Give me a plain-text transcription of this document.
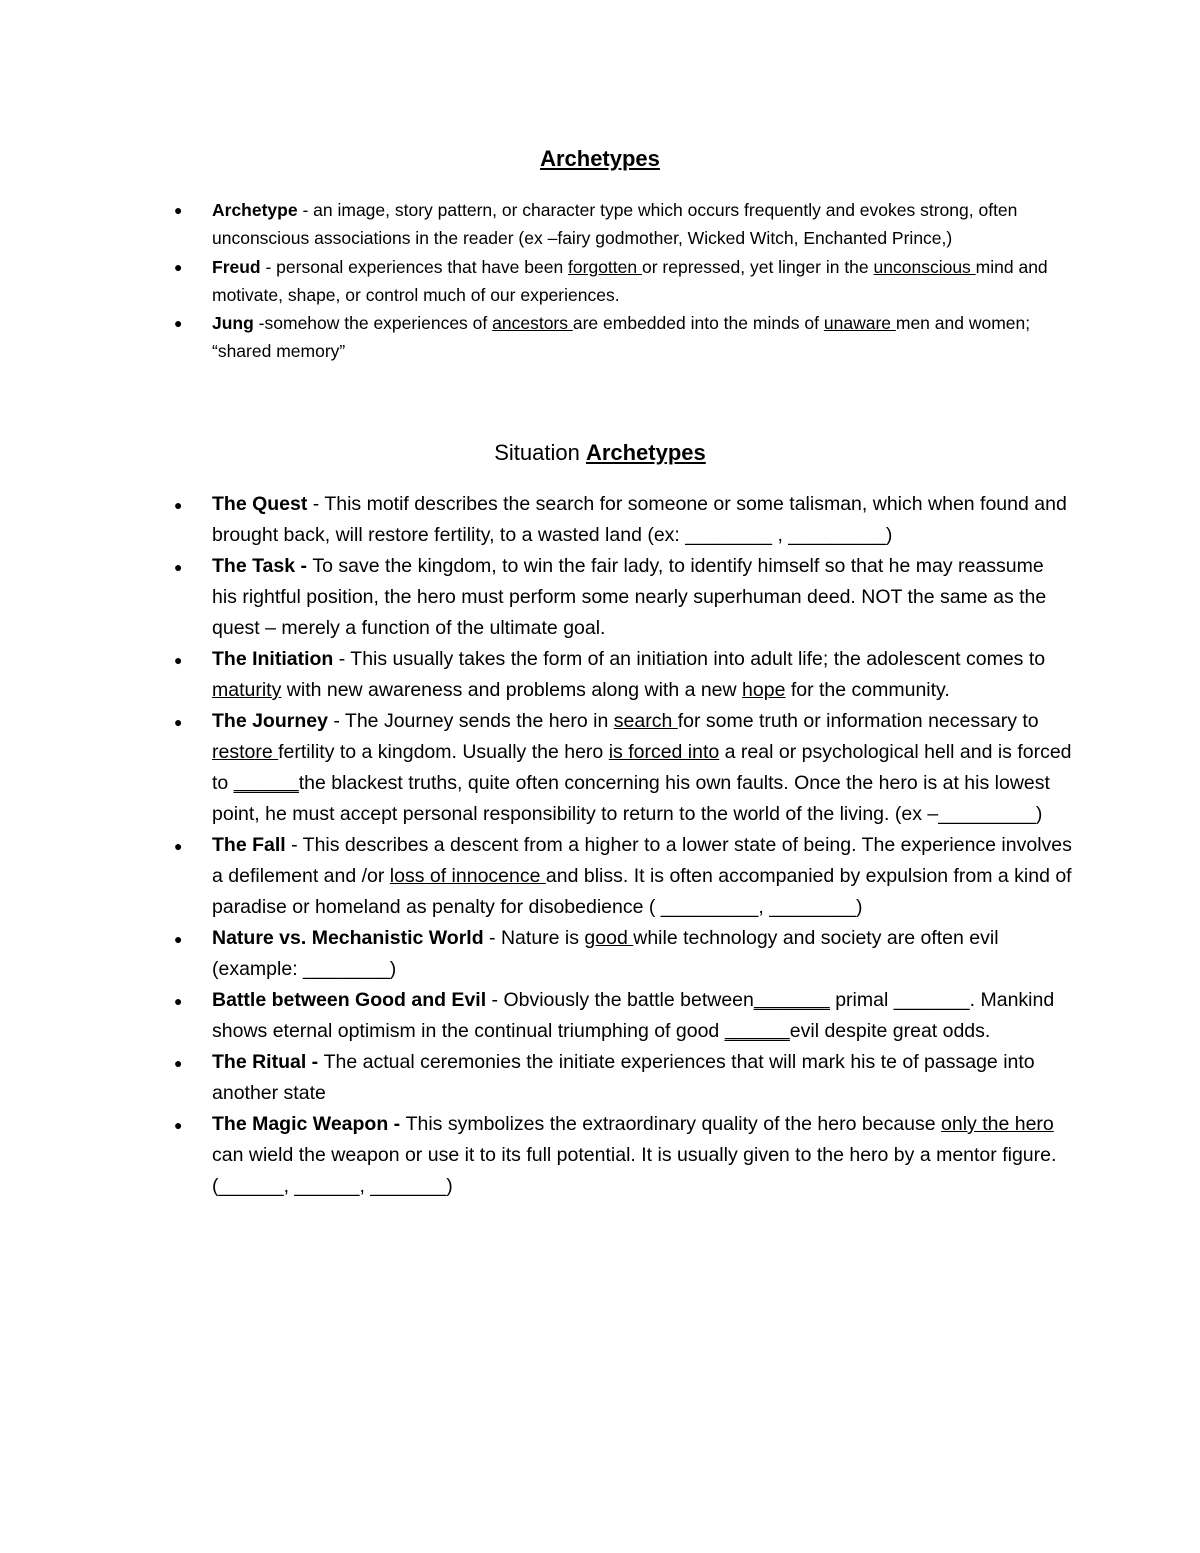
Archetypes
● Archetype - an image, story pattern, or character type which occurs frequently and evokes strong, often unconscious associations in the reader (ex –fairy godmother, Wicked Witch, Enchanted Prince,)
● Freud - personal experiences that have been forgotten or repressed, yet linger in the unconscious mind and motivate, shape, or control much of our experiences.
● Jung -somehow the experiences of ancestors are embedded into the minds of unaware men and women; “shared memory”
Situation Archetypes
● The Quest - This motif describes the search for someone or some talisman, which when found and brought back, will restore fertility, to a wasted land (ex: ________ , _________)
● The Task - To save the kingdom, to win the fair lady, to identify himself so that he may reassume his rightful position, the hero must perform some nearly superhuman deed. NOT the same as the quest – merely a function of the ultimate goal.
● The Initiation - This usually takes the form of an initiation into adult life; the adolescent comes to maturity with new awareness and problems along with a new hope for the community.
● The Journey - The Journey sends the hero in search for some truth or information necessary to restore fertility to a kingdom. Usually the hero is forced into a real or psychological hell and is forced to ______the blackest truths, quite often concerning his own faults. Once the hero is at his lowest point, he must accept personal responsibility to return to the world of the living. (ex –_________)
● The Fall - This describes a descent from a higher to a lower state of being. The experience involves a defilement and /or loss of innocence and bliss. It is often accompanied by expulsion from a kind of paradise or homeland as penalty for disobedience ( _________, ________)
● Nature vs. Mechanistic World - Nature is good while technology and society are often evil (example: ________)
● Battle between Good and Evil - Obviously the battle between_______ primal _______. Mankind shows eternal optimism in the continual triumphing of good ______evil despite great odds.
● The Ritual - The actual ceremonies the initiate experiences that will mark his te of passage into another state
● The Magic Weapon - This symbolizes the extraordinary quality of the hero because only the hero can wield the weapon or use it to its full potential. It is usually given to the hero by a mentor figure. (______, ______, _______)
